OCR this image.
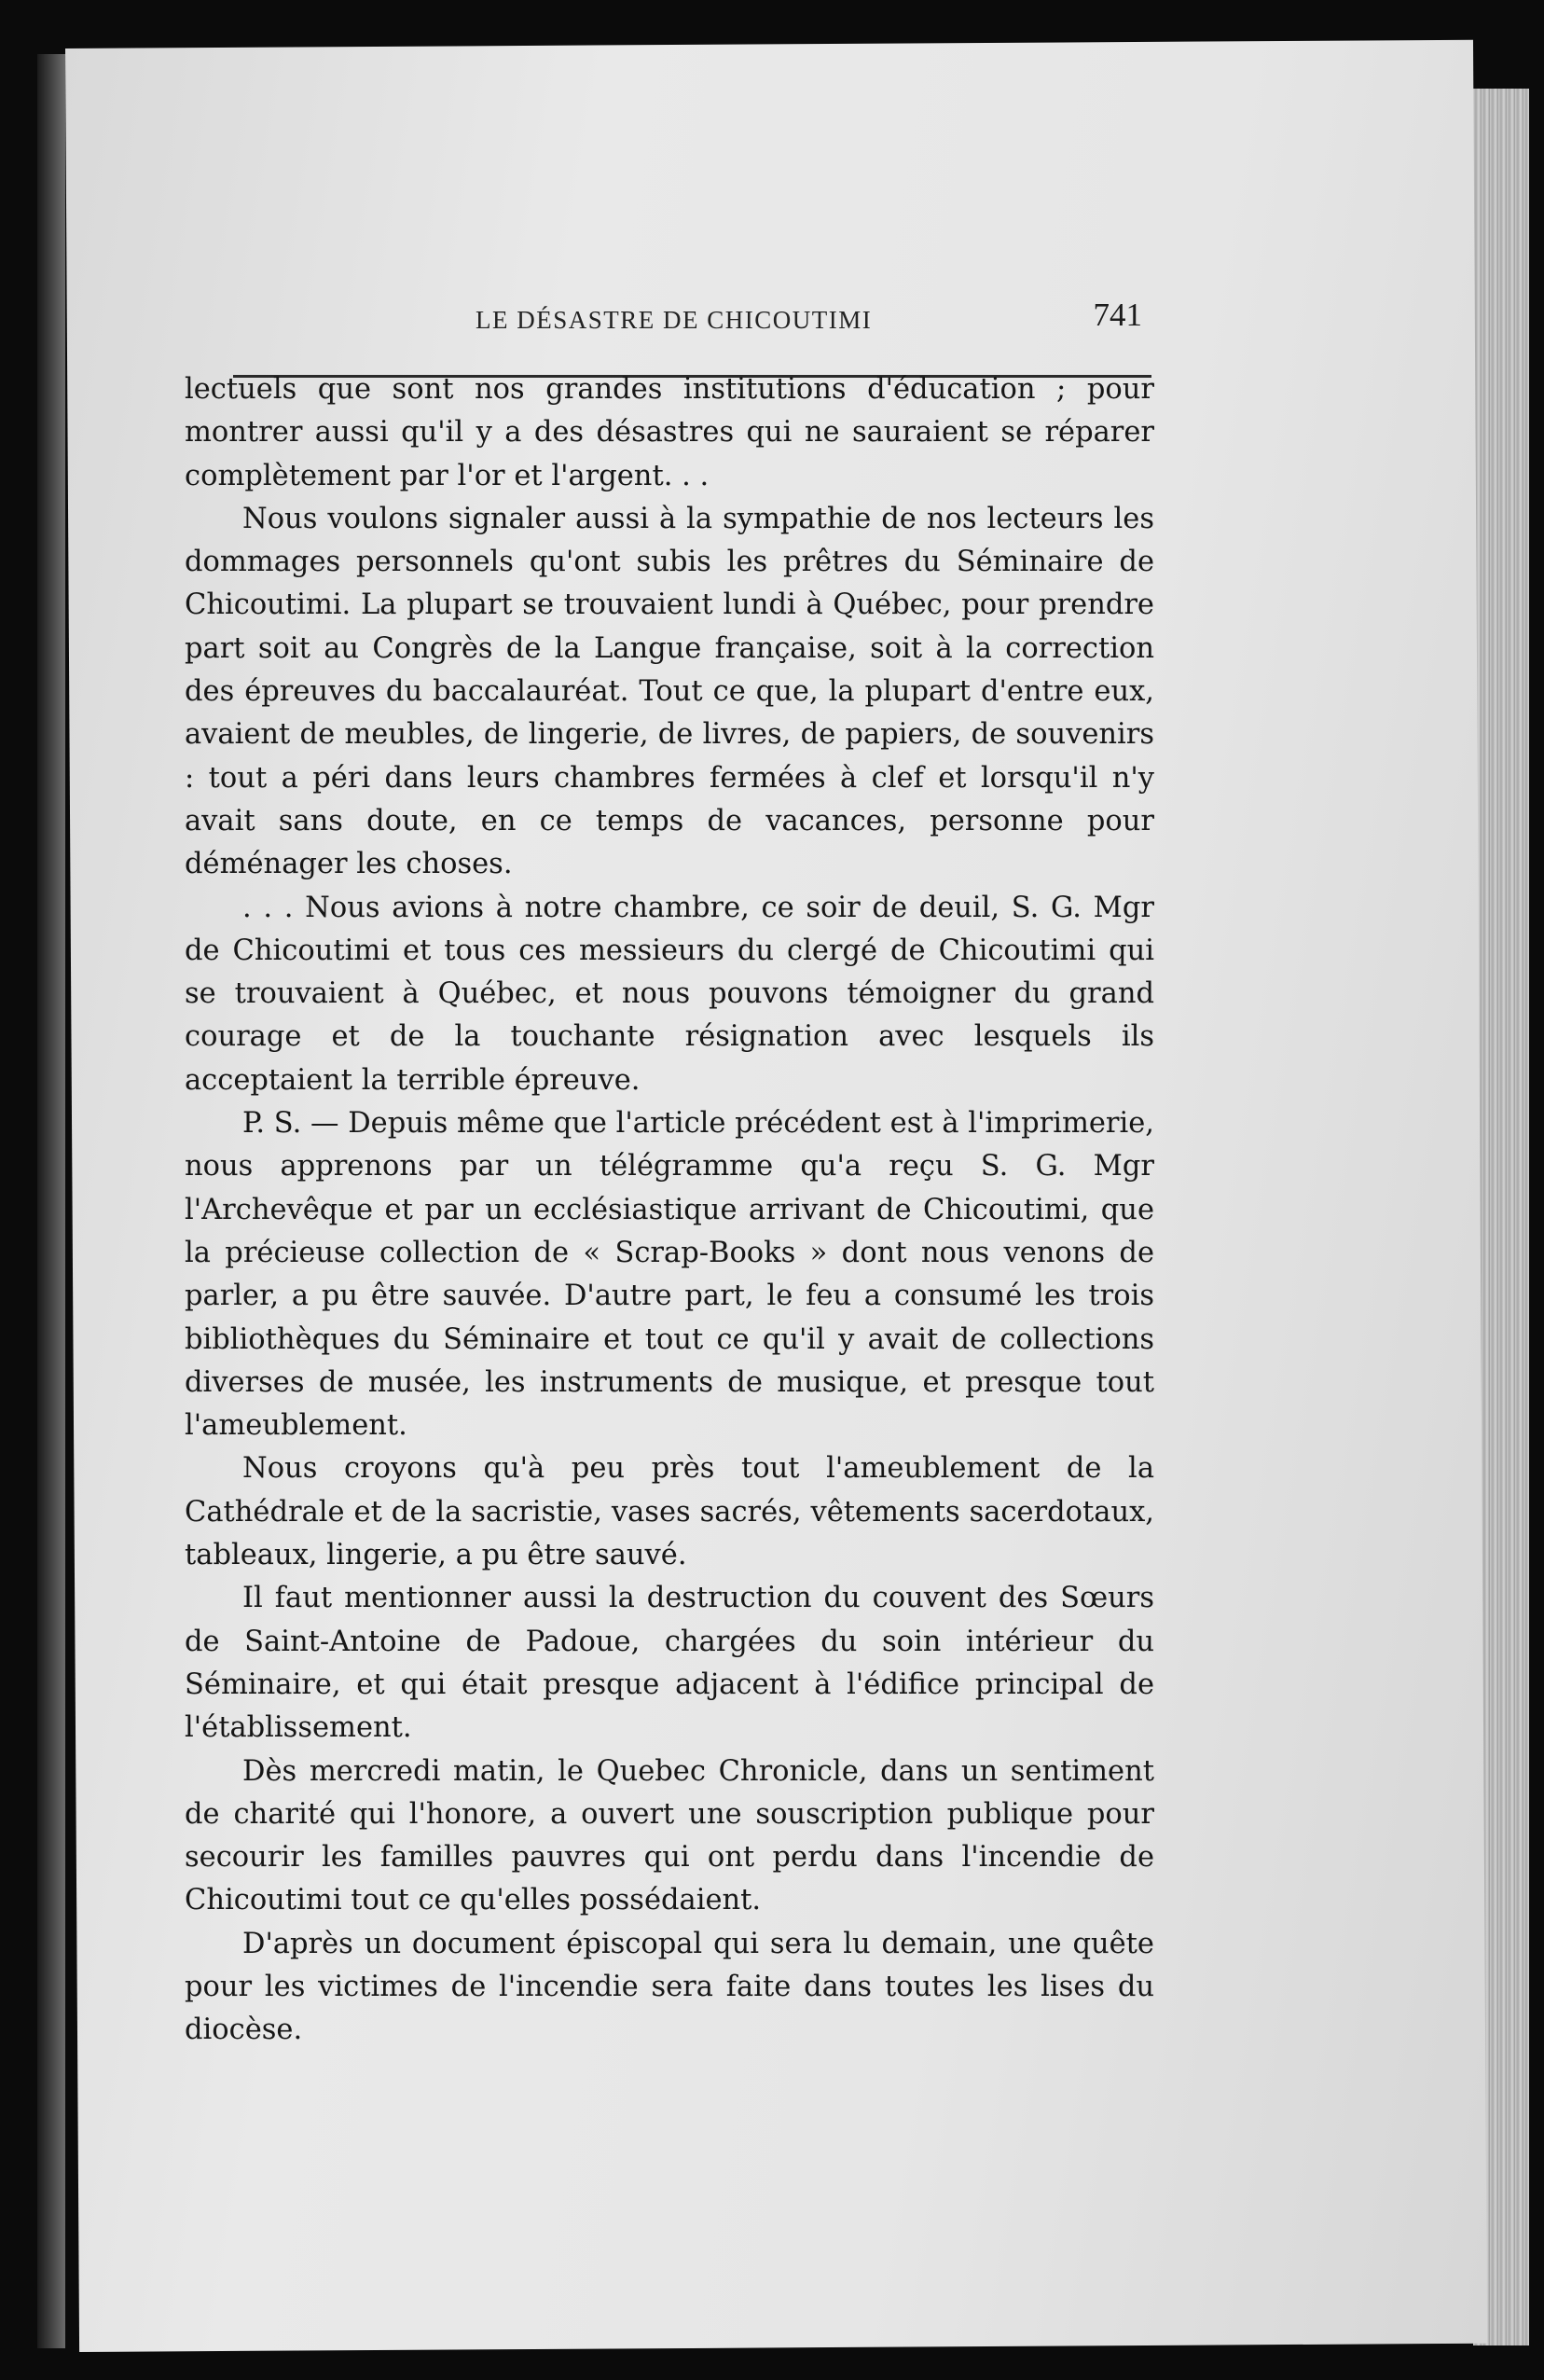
LE DÉSASTRE DE CHICOUTIMI	741

lectuels que sont nos grandes institutions d'éducation ; pour montrer aussi qu'il y a des désastres qui ne sauraient se réparer complètement par l'or et l'argent. . .

Nous voulons signaler aussi à la sympathie de nos lecteurs les dommages personnels qu'ont subis les prêtres du Séminaire de Chicoutimi. La plupart se trouvaient lundi à Québec, pour prendre part soit au Congrès de la Langue française, soit à la correction des épreuves du baccalauréat. Tout ce que, la plupart d'entre eux, avaient de meubles, de lingerie, de livres, de papiers, de souvenirs : tout a péri dans leurs chambres fermées à clef et lorsqu'il n'y avait sans doute, en ce temps de vacances, personne pour déménager les choses.

. . . Nous avions à notre chambre, ce soir de deuil, S. G. Mgr de Chicoutimi et tous ces messieurs du clergé de Chicoutimi qui se trouvaient à Québec, et nous pouvons témoigner du grand courage et de la touchante résignation avec lesquels ils acceptaient la terrible épreuve.

P. S. — Depuis même que l'article précédent est à l'imprimerie, nous apprenons par un télégramme qu'a reçu S. G. Mgr l'Archevêque et par un ecclésiastique arrivant de Chicoutimi, que la précieuse collection de « Scrap-Books » dont nous venons de parler, a pu être sauvée. D'autre part, le feu a consumé les trois bibliothèques du Séminaire et tout ce qu'il y avait de collections diverses de musée, les instruments de musique, et presque tout l'ameublement.

Nous croyons qu'à peu près tout l'ameublement de la Cathédrale et de la sacristie, vases sacrés, vêtements sacerdotaux, tableaux, lingerie, a pu être sauvé.

Il faut mentionner aussi la destruction du couvent des Sœurs de Saint-Antoine de Padoue, chargées du soin intérieur du Séminaire, et qui était presque adjacent à l'édifice principal de l'établissement.

Dès mercredi matin, le Quebec Chronicle, dans un sentiment de charité qui l'honore, a ouvert une souscription publique pour secourir les familles pauvres qui ont perdu dans l'incendie de Chicoutimi tout ce qu'elles possédaient.

D'après un document épiscopal qui sera lu demain, une quête pour les victimes de l'incendie sera faite dans toutes les lises du diocèse.
